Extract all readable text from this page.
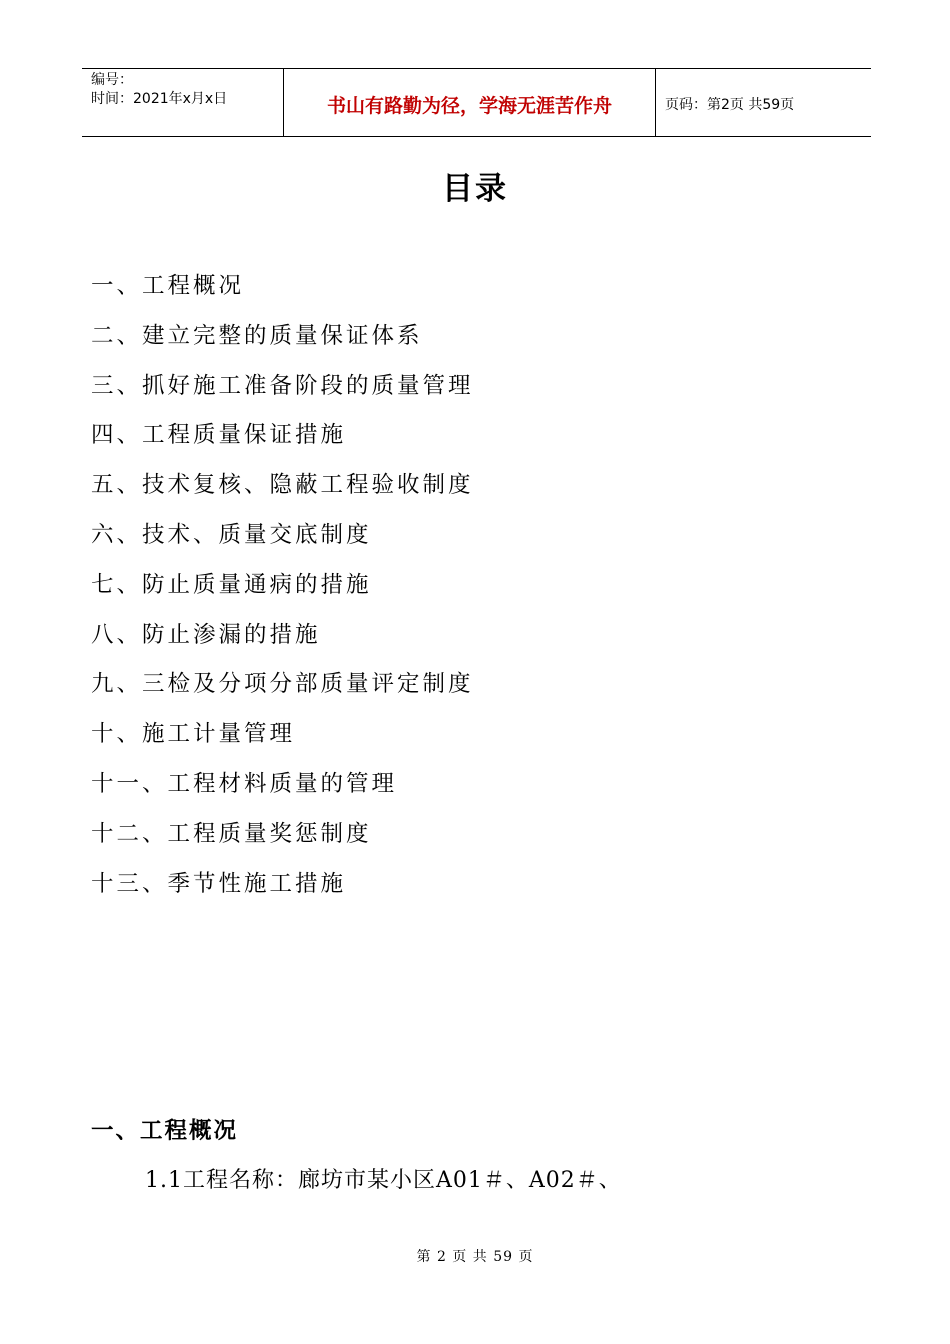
编号：
时间：2021年x月x日	书山有路勤为径，学海无涯苦作舟	页码：第2页 共59页
目录
一、工程概况
二、建立完整的质量保证体系
三、抓好施工准备阶段的质量管理
四、工程质量保证措施
五、技术复核、隐蔽工程验收制度
六、技术、质量交底制度
七、防止质量通病的措施
八、防止渗漏的措施
九、三检及分项分部质量评定制度
十、施工计量管理
十一、工程材料质量的管理
十二、工程质量奖惩制度
十三、季节性施工措施
一、工程概况
1.1工程名称：廊坊市某小区A01＃、A02＃、
第 2 页 共 59 页
